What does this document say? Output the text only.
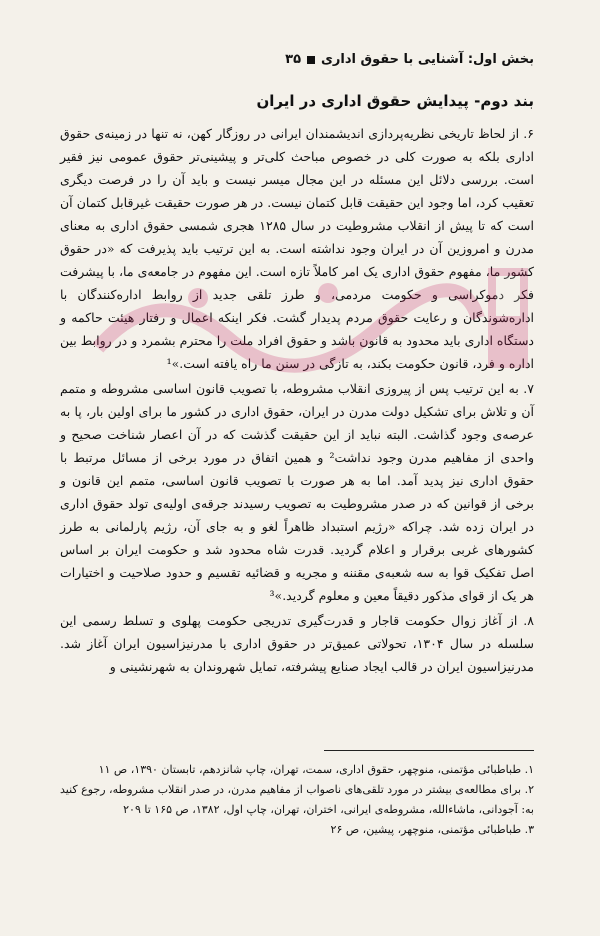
بخش اول: آشنایی با حقوق اداری
۳۵
بند دوم- پیدایش حقوق اداری در ایران

۶. از لحاظ تاریخی نظریه‌پردازی اندیشمندان ایرانی در روزگار کهن، نه تنها در زمینه‌ی حقوق اداری بلکه به صورت کلی در خصوص مباحث کلی‌تر و پیشینی‌تر حقوق عمومی نیز فقیر است. بررسی دلائل این مسئله در این مجال میسر نیست و باید آن را در فرصت دیگری تعقیب کرد، اما وجود این حقیقت قابل کتمان نیست. در هر صورت حقیقت غیرقابل کتمان آن است که تا پیش از انقلاب مشروطیت در سال ۱۲۸۵ هجری شمسی حقوق اداری به معنای مدرن و امروزین آن در ایران وجود نداشته است. به این ترتیب باید پذیرفت که «در حقوق کشور ما، مفهوم حقوق اداری یک امر کاملاً تازه است. این مفهوم در جامعه‌ی ما، با پیشرفت فکر دموکراسی و حکومت مردمی، و طرز تلقی جدید از روابط اداره‌کنندگان با اداره‌شوندگان و رعایت حقوق مردم پدیدار گشت. فکر اینکه اعمال و رفتار هیئت حاکمه و دستگاه اداری باید محدود به قانون باشد و حقوق افراد ملت را محترم بشمرد و در روابط بین اداره و فرد، قانون حکومت بکند، به تازگی در سنن ما راه یافته است.»¹

۷. به این ترتیب پس از پیروزی انقلاب مشروطه، با تصویب قانون اساسی مشروطه و متمم آن و تلاش برای تشکیل دولت مدرن در ایران، حقوق اداری در کشور ما برای اولین بار، پا به عرصه‌ی وجود گذاشت. البته نباید از این حقیقت گذشت که در آن اعصار شناخت صحیح و واحدی از مفاهیم مدرن وجود نداشت² و همین اتفاق در مورد برخی از مسائل مرتبط با حقوق اداری نیز پدید آمد. اما به هر صورت با تصویب قانون اساسی، متمم این قانون و برخی از قوانین که در صدر مشروطیت به تصویب رسیدند جرقه‌ی اولیه‌ی تولد حقوق اداری در ایران زده شد. چراکه «رژیم استبداد ظاهراً لغو و به جای آن، رژیم پارلمانی به طرز کشورهای غربی برقرار و اعلام گردید. قدرت شاه محدود شد و حکومت ایران بر اساس اصل تفکیک قوا به سه شعبه‌ی مقننه و مجریه و قضائیه تقسیم و حدود صلاحیت و اختیارات هر یک از قوای مذکور دقیقاً معین و معلوم گردید.»³

۸. از آغاز زوال حکومت قاجار و قدرت‌گیری تدریجی حکومت پهلوی و تسلط رسمی این سلسله در سال ۱۳۰۴، تحولاتی عمیق‌تر در حقوق اداری با مدرنیزاسیون ایران آغاز شد. مدرنیزاسیون ایران در قالب ایجاد صنایع پیشرفته، تمایل شهروندان به شهرنشینی و

۱. طباطبائی مؤتمنی، منوچهر، حقوق اداری، سمت، تهران، چاپ شانزدهم، تابستان ۱۳۹۰، ص ۱۱

۲. برای مطالعه‌ی بیشتر در مورد تلقی‌های ناصواب از مفاهیم مدرن، در صدر انقلاب مشروطه، رجوع کنید به: آجودانی، ماشاءالله، مشروطه‌ی ایرانی، اختران، تهران، چاپ اول، ۱۳۸۲، ص ۱۶۵ تا ۲۰۹

۳. طباطبائی مؤتمنی، منوچهر، پیشین، ص ۲۶
